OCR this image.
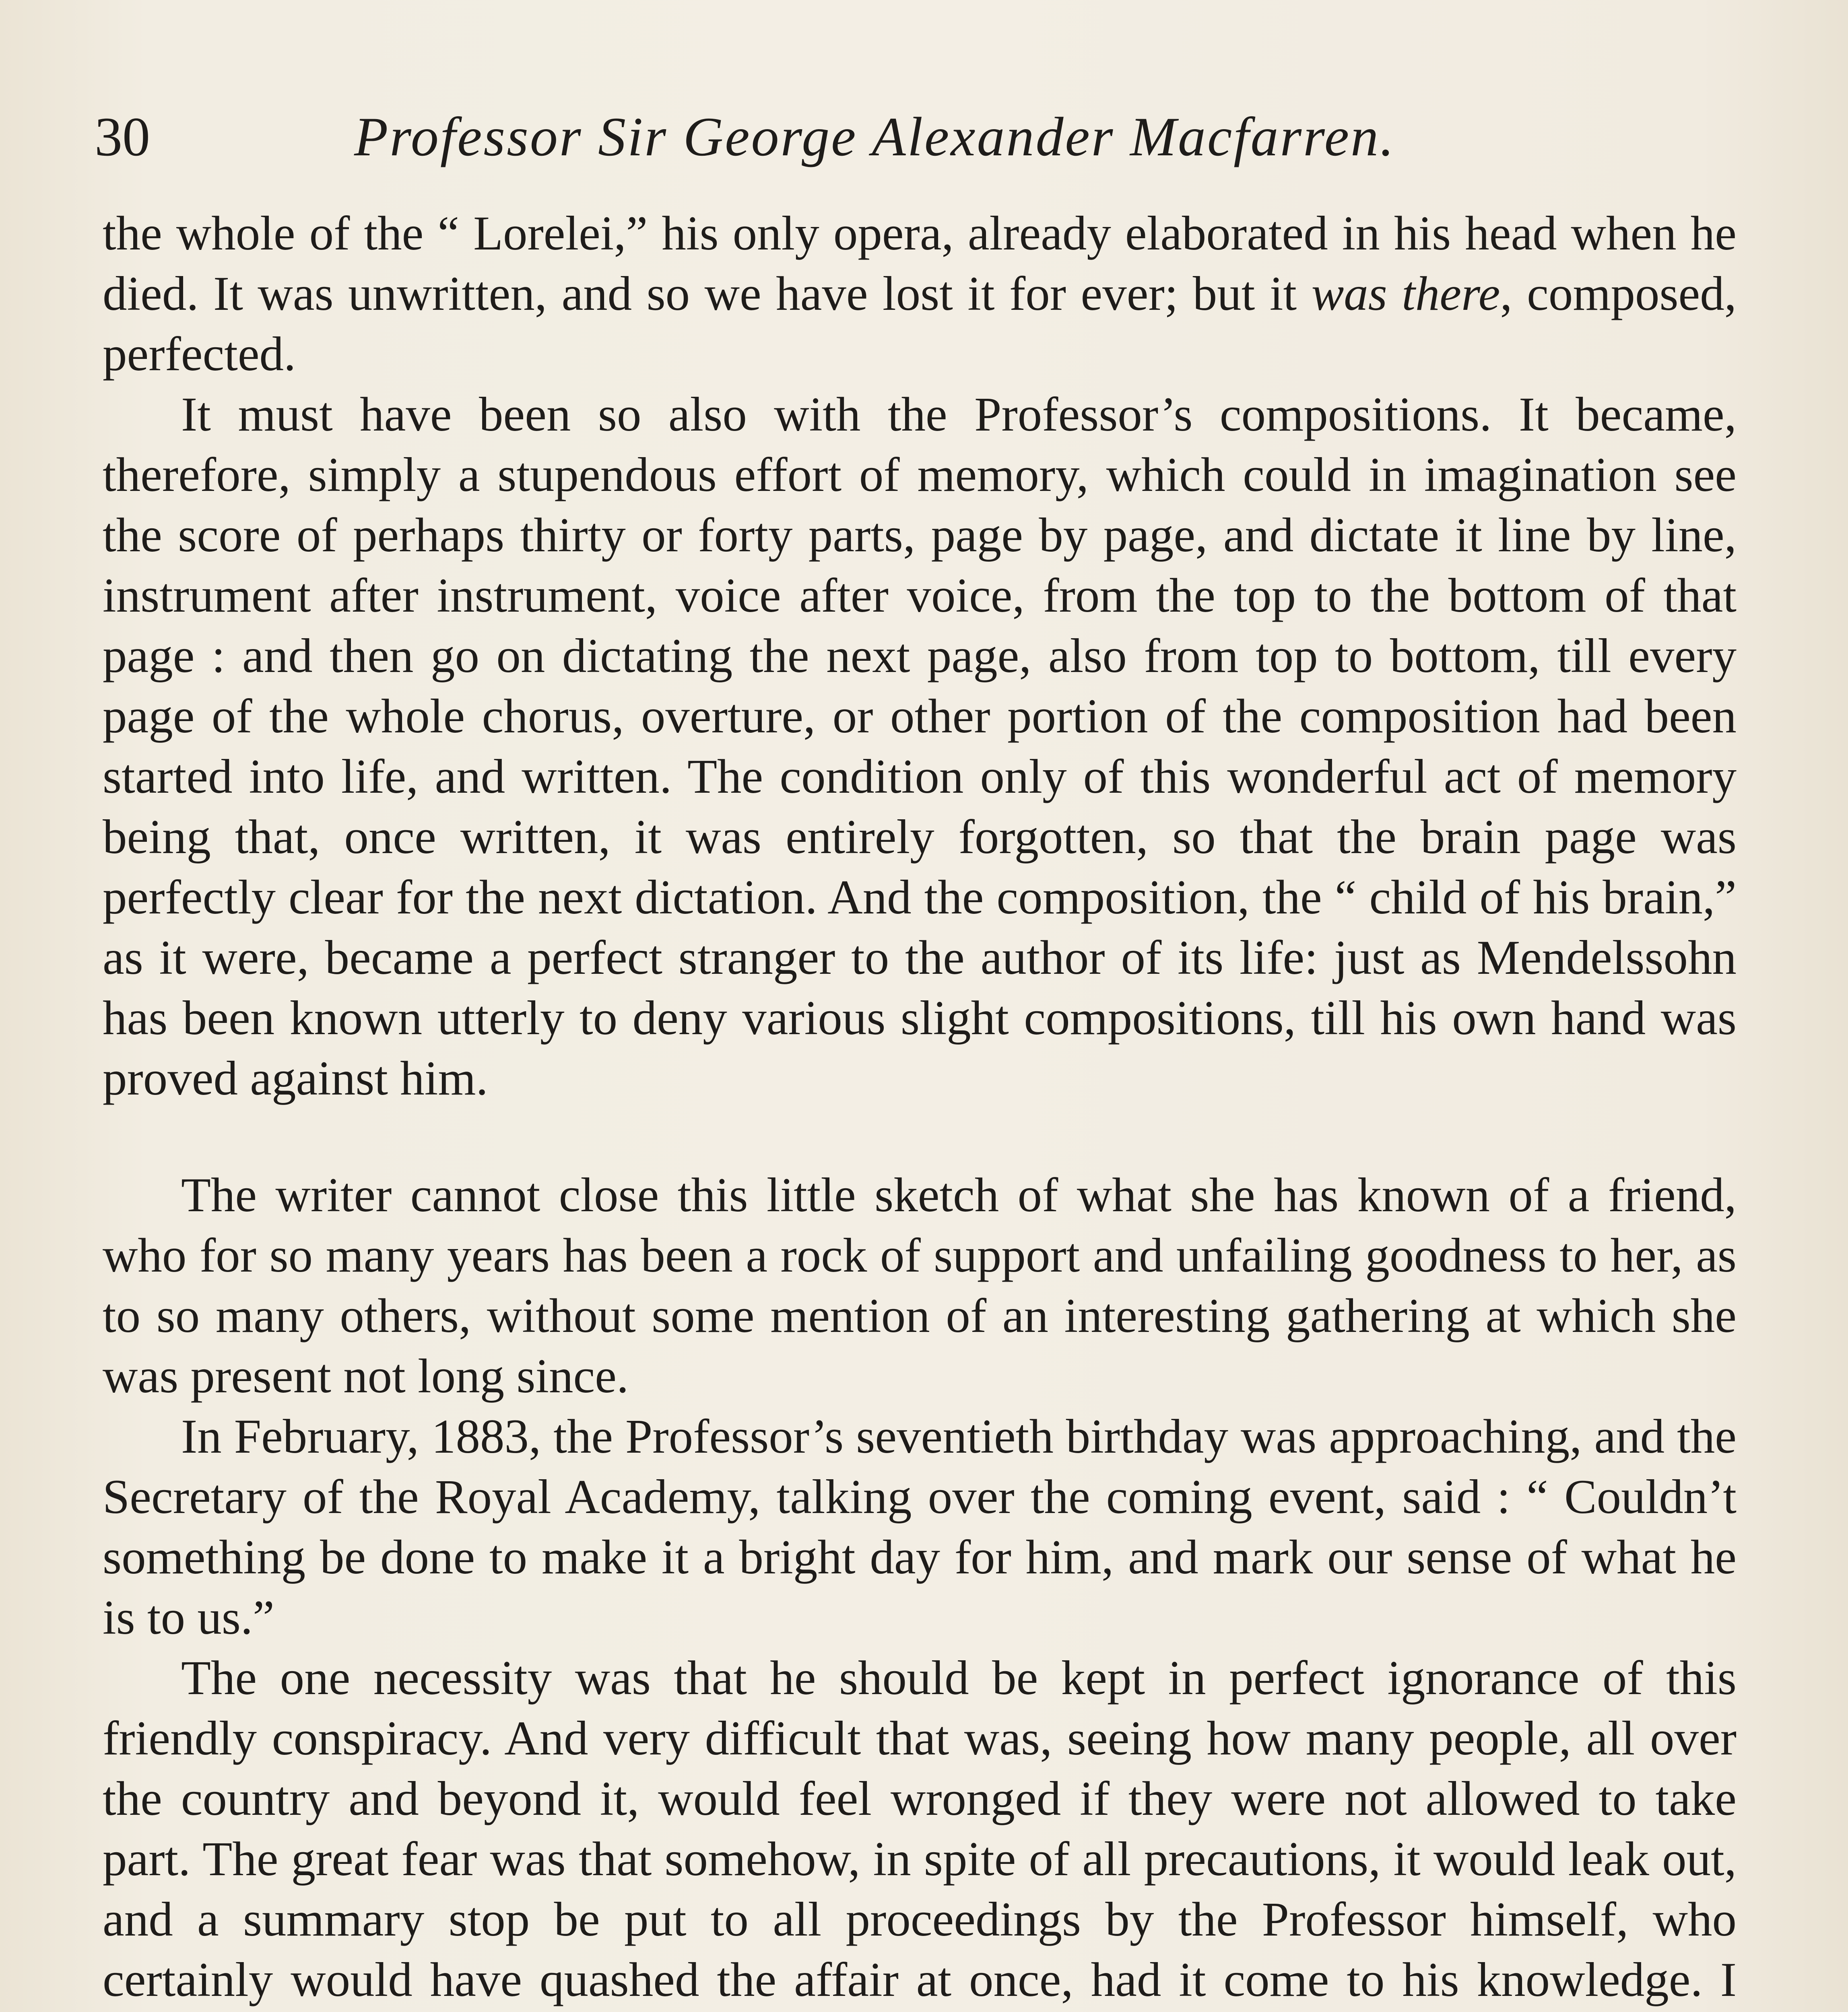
30	Professor Sir George Alexander Macfarren.

the whole of the “ Lorelei,” his only opera, already elaborated in his head when he died. It was unwritten, and so we have lost it for ever; but it was there, composed, perfected.

It must have been so also with the Professor’s compositions. It became, therefore, simply a stupendous effort of memory, which could in imagination see the score of perhaps thirty or forty parts, page by page, and dictate it line by line, instrument after instrument, voice after voice, from the top to the bottom of that page : and then go on dictating the next page, also from top to bottom, till every page of the whole chorus, overture, or other portion of the composition had been started into life, and written. The condition only of this wonderful act of memory being that, once written, it was entirely forgotten, so that the brain page was perfectly clear for the next dictation. And the composition, the “ child of his brain,” as it were, became a perfect stranger to the author of its life: just as Mendelssohn has been known utterly to deny various slight compositions, till his own hand was proved against him.

The writer cannot close this little sketch of what she has known of a friend, who for so many years has been a rock of support and unfailing goodness to her, as to so many others, without some mention of an interesting gathering at which she was present not long since.

In February, 1883, the Professor’s seventieth birthday was approaching, and the Secretary of the Royal Academy, talking over the coming event, said : “ Couldn’t something be done to make it a bright day for him, and mark our sense of what he is to us.”

The one necessity was that he should be kept in perfect ignorance of this friendly conspiracy. And very difficult that was, seeing how many people, all over the country and beyond it, would feel wronged if they were not allowed to take part. The great fear was that somehow, in spite of all precautions, it would leak out, and a summary stop be put to all proceedings by the Professor himself, who certainly would have quashed the affair at once, had it come to his knowledge. I
